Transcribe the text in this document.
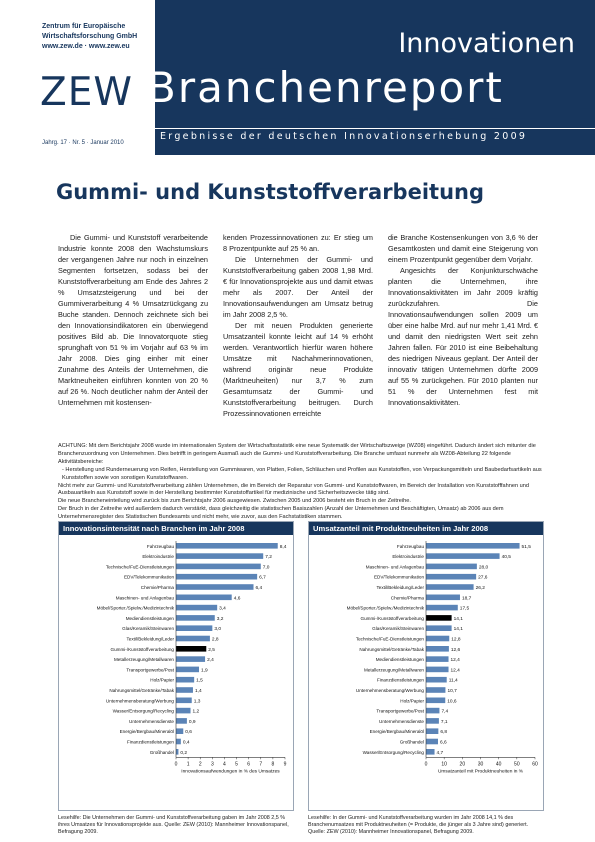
Zentrum für Europäische
Wirtschaftsforschung GmbH
www.zew.de · www.zew.eu
ZEW
Jahrg. 17 · Nr. 5 · Januar 2010
Innovationen
Branchenreport
Ergebnisse der deutschen Innovationserhebung 2009
Gummi- und Kunststoffverarbeitung

Die Gummi- und Kunststoff verarbeitende Industrie konnte 2008 den Wachstumskurs der vergangenen Jahre nur noch in einzelnen Segmenten fortsetzen, sodass bei der Kunststoffverarbeitung am Ende des Jahres 2 % Umsatzsteigerung und bei der Gummiverarbeitung 4 % Umsatzrückgang zu Buche standen. Dennoch zeichnete sich bei den Innovationsindikatoren ein überwiegend positives Bild ab. Die Innovatorquote stieg sprunghaft von 51 % im Vorjahr auf 63 % im Jahr 2008. Dies ging einher mit einer Zunahme des Anteils der Unternehmen, die Marktneuheiten einführen konnten von 20 % auf 26 %. Noch deutlicher nahm der Anteil der Unternehmen mit kostensen-

kenden Prozessinnovationen zu: Er stieg um 8 Prozentpunkte auf 25 % an.

Die Unternehmen der Gummi- und Kunststoffverarbeitung gaben 2008 1,98 Mrd. € für Innovationsprojekte aus und damit etwas mehr als 2007. Der Anteil der Innovationsaufwendungen am Umsatz betrug im Jahr 2008 2,5 %.

Der mit neuen Produkten generierte Umsatzanteil konnte leicht auf 14 % erhöht werden. Verantwortlich hierfür waren höhere Umsätze mit Nachahmerinnovationen, während originär neue Produkte (Marktneuheiten) nur 3,7 % zum Gesamtumsatz der Gummi- und Kunststoffverarbeitung beitrugen. Durch Prozessinnovationen erreichte

die Branche Kostensenkungen von 3,6 % der Gesamtkosten und damit eine Steigerung von einem Prozentpunkt gegenüber dem Vorjahr.

Angesichts der Konjunkturschwäche planten die Unternehmen, ihre Innovationsaktivitäten im Jahr 2009 kräftig zurückzufahren. Die Innovationsaufwendungen sollen 2009 um über eine halbe Mrd. auf nur mehr 1,41 Mrd. € und damit den niedrigsten Wert seit zehn Jahren fallen. Für 2010 ist eine Beibehaltung des niedrigen Niveaus geplant. Der Anteil der innovativ tätigen Unternehmen dürfte 2009 auf 55 % zurückgehen. Für 2010 planten nur 51 % der Unternehmen fest mit Innovationsaktivitäten.

ACHTUNG: Mit dem Berichtsjahr 2008 wurde im internationalen System der Wirtschaftsstatistik eine neue Systematik der Wirtschaftszweige (WZ08) eingeführt. Dadurch ändert sich mitunter die Branchenzuordnung von Unternehmen. Dies betrifft in geringem Ausmaß auch die Gummi- und Kunststoffverarbeitung. Die Branche umfasst nunmehr als WZ08-Abteilung 22 folgende Aktivitätsbereiche:

- Herstellung und Runderneuerung von Reifen, Herstellung von Gummiwaren, von Platten, Folien, Schläuchen und Profilen aus Kunststoffen, von Verpackungsmitteln und Baubedarfsartikeln aus Kunststoffen sowie von sonstigen Kunststoffwaren.

Nicht mehr zur Gummi- und Kunststoffverarbeitung zählen Unternehmen, die im Bereich der Reparatur von Gummi- und Kunststoffwaren, im Bereich der Installation von Kunststofffahnen und Ausbauartikeln aus Kunststoff sowie in der Herstellung bestimmter Kunststoffartikel für medizinische und Sicherheitszwecke tätig sind.

Die neue Brancheneinteilung wird zurück bis zum Berichtsjahr 2006 ausgewiesen. Zwischen 2005 und 2006 besteht ein Bruch in der Zeitreihe.

Der Bruch in der Zeitreihe wird außerdem dadurch verstärkt, dass gleichzeitig die statistischen Basiszahlen (Anzahl der Unternehmen und Beschäftigten, Umsatz) ab 2006 aus dem Unternehmensregister des Statistischen Bundesamts und nicht mehr, wie zuvor, aus den Fachstatistiken stammen.

Innovationsintensität nach Branchen im Jahr 2008
Fahrzeugbau	8,4
Elektroindustrie	7,2
Technische/FuE-Dienstleistungen	7,0
EDV/Telekommunikation	6,7
Chemie/Pharma	6,4
Maschinen- und Anlagenbau	4,6
Möbel/Sporter./Spielw./Medizintechnik	3,4
Mediendienstleistungen	3,2
Glas/Keramik/Steinwaren	3,0
Textil/Bekleidung/Leder	2,8
Gummi-/Kunststoffverarbeitung	2,5
Metallerzeugung/Metallwaren	2,4
Transportgewerbe/Post	1,9
Holz/Papier	1,5
Nahrungsmittel/Getränke/Tabak	1,4
Unternehmensberatung/Werbung	1,3
Wasser/Entsorgung/Recycling	1,2
Unternehmensdienste	0,9
Energie/Bergbau/Mineralöl 0,6
Finanzdienstleistungen 0,4
Großhandel 0,2
0 1 2 3 4 5 6 7 8 9
Innovationsaufwendungen in % des Umsatzes
Umsatzanteil mit Produktneuheiten im Jahr 2008
Fahrzeugbau	51,5
Elektroindustrie	40,5
Maschinen- und Anlagenbau	28,0
EDV/Telekommunikation	27,6
Textil/Bekleidung/Leder	26,2
Chemie/Pharma	18,7
Möbel/Sporter./Spielw./Medizintechnik	17,5
Gummi-/Kunststoffverarbeitung	14,1
Glas/Keramik/Steinwaren	14,1
Technische/FuE-Dienstleistungen	12,8
Nahrungsmittel/Getränke/Tabak	12,6
Mediendienstleistungen	12,4
Metallerzeugung/Metallwaren	12,4
Finanzdienstleistungen	11,4
Unternehmensberatung/Werbung	10,7
Holz/Papier	10,6
Transportgewerbe/Post	7,4
Unternehmensdienste	7,1
Energie/Bergbau/Mineralöl	6,8
Großhandel	6,6
Wasser/Entsorgung/Recycling	4,7
0	10	20	30	40	50	60
Umsatzanteil mit Produktneuheiten in %
Lesehilfe: Die Unternehmen der Gummi- und Kunststoffverarbeitung gaben im Jahr 2008 2,5 % ihres Umsatzes für Innovationsprojekte aus. Quelle: ZEW (2010): Mannheimer Innovationspanel, Befragung 2009.
Lesehilfe: In der Gummi- und Kunststoffverarbeitung wurden im Jahr 2008 14,1 % des Branchenumsatzes mit Produktneuheiten (= Produkte, die jünger als 3 Jahre sind) generiert. Quelle: ZEW (2010): Mannheimer Innovationspanel, Befragung 2009.
